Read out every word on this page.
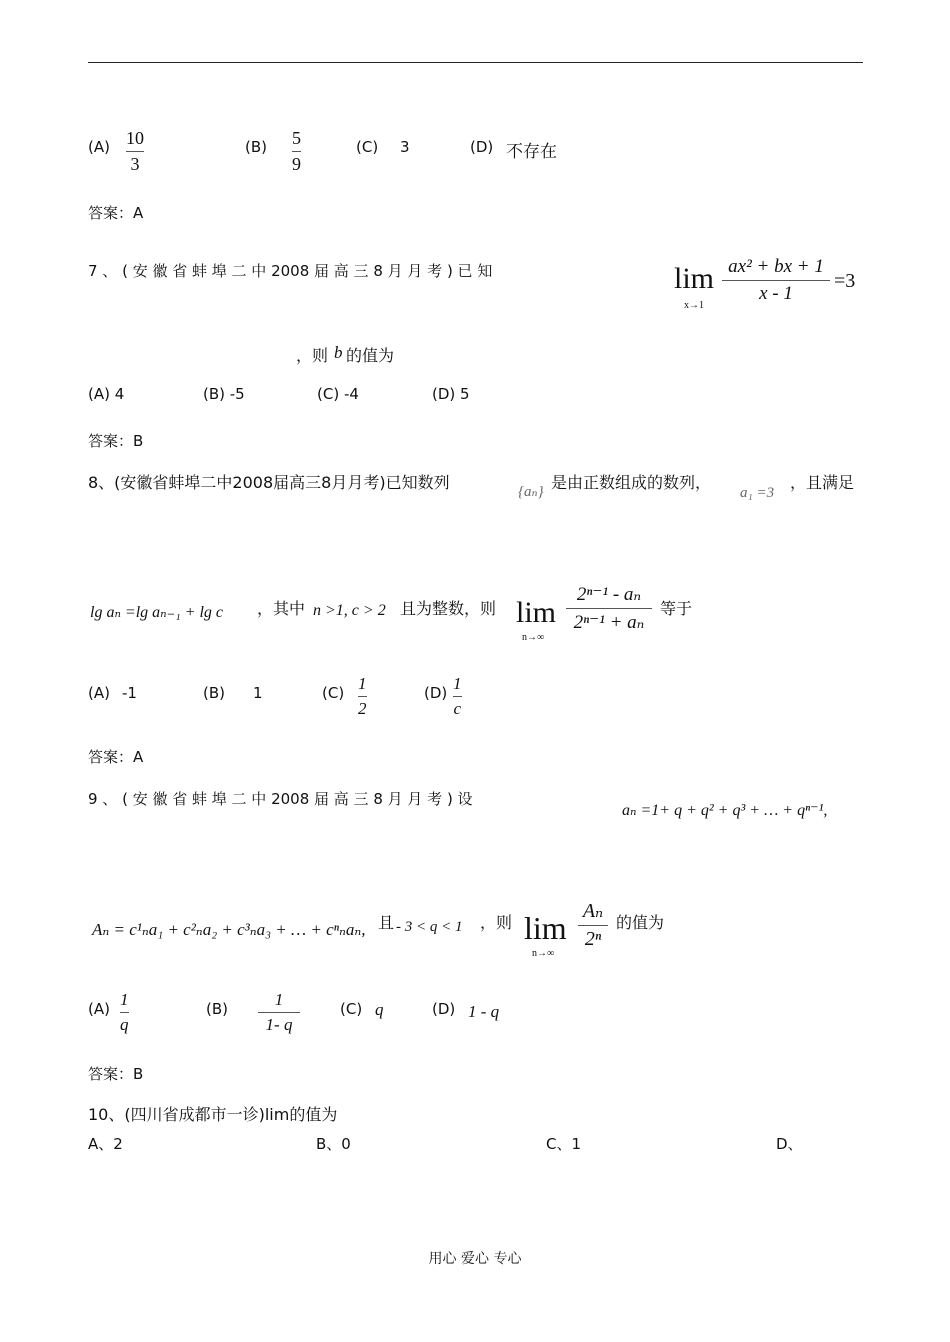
(A) 10
3
(B) 5
9
(C) 3	(D) 不存在
答案：A
7 、 ( 安 徽 省 蚌 埠 二 中 2008 届 高 三 8 月 月 考 ) 已 知	lim
x→1
ax² + bx + 1
x - 1
=3
，则 b 的值为
(A) 4	(B) -5	(C) -4	(D) 5
答案：B
8、(安徽省蚌埠二中2008届高三8月月考)已知数列	{aₙ} 是由正数组成的数列，
a₁ =3
，且满足
lg aₙ =lg aₙ₋₁ + lg c ，其中 n >1, c > 2 且为整数，则 lim
n→∞
2ⁿ⁻¹ - aₙ
2ⁿ⁻¹ + aₙ
等于
(A) -1	(B) 1	(C) 1
2
(D) 1
c
答案：A
9 、 ( 安 徽 省 蚌 埠 二 中 2008 届 高 三 8 月 月 考 ) 设
aₙ =1+ q + q² + q³ + … + qⁿ⁻¹,
Aₙ = c¹ₙa₁ + c²ₙa₂ + c³ₙa₃ + … + cⁿₙaₙ, 且 - 3 < q < 1 ，则 lim
n→∞
Aₙ
2ⁿ
的值为
(A) 1
q
(B)	1
1- q
(C) q	(D) 1 - q
答案：B
10、(四川省成都市一诊)lim的值为
A、2	B、0	C、1	D、
用心 爱心 专心
